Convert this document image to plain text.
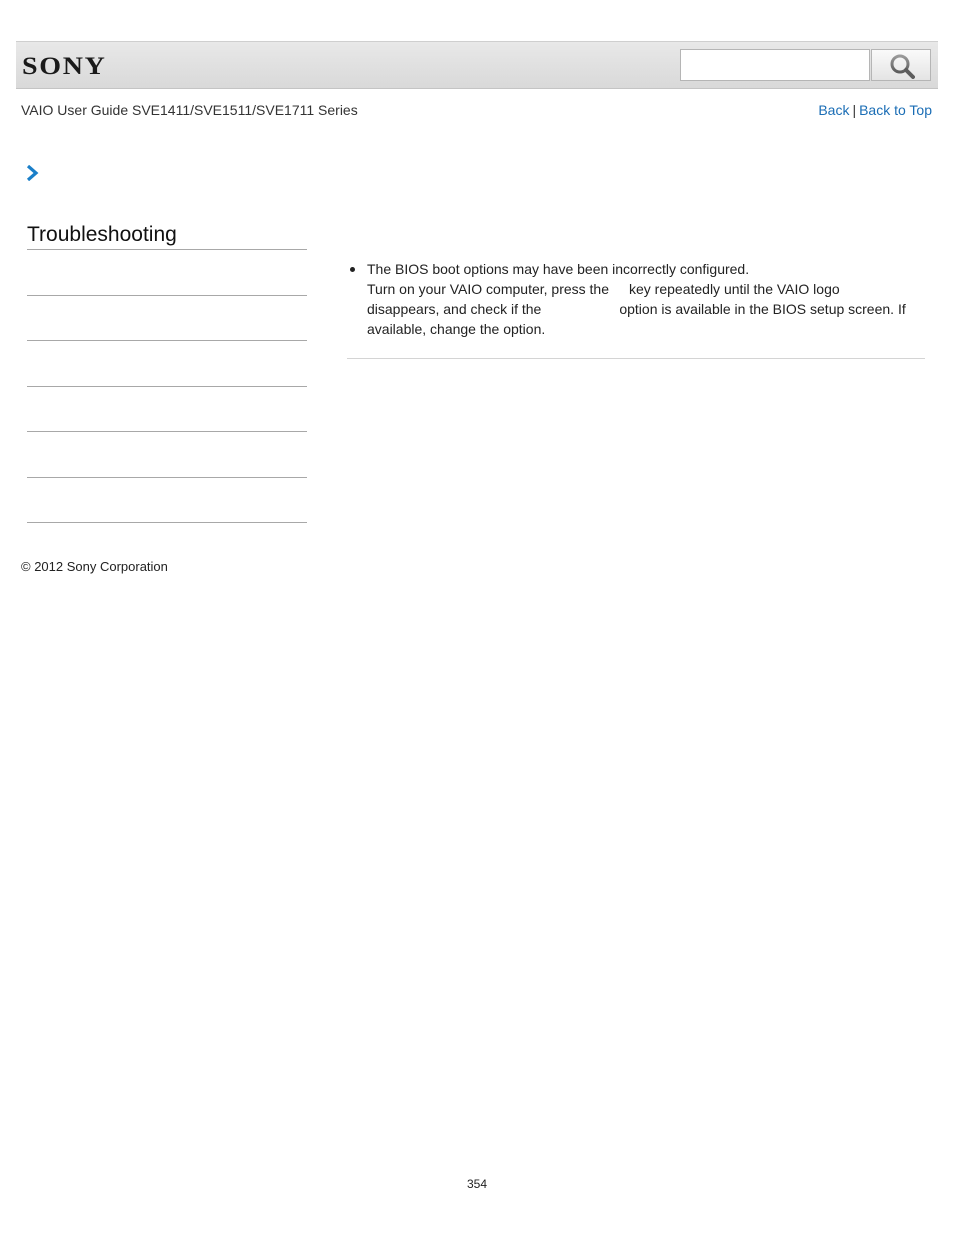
SONY
VAIO User Guide SVE1411/SVE1511/SVE1711 Series	Back | Back to Top
Troubleshooting
The BIOS boot options may have been incorrectly configured.
Turn on your VAIO computer, press the key repeatedly until the VAIO logo
disappears, and check if the	option is available in the BIOS setup screen. If
available, change the option.
© 2012 Sony Corporation
354
